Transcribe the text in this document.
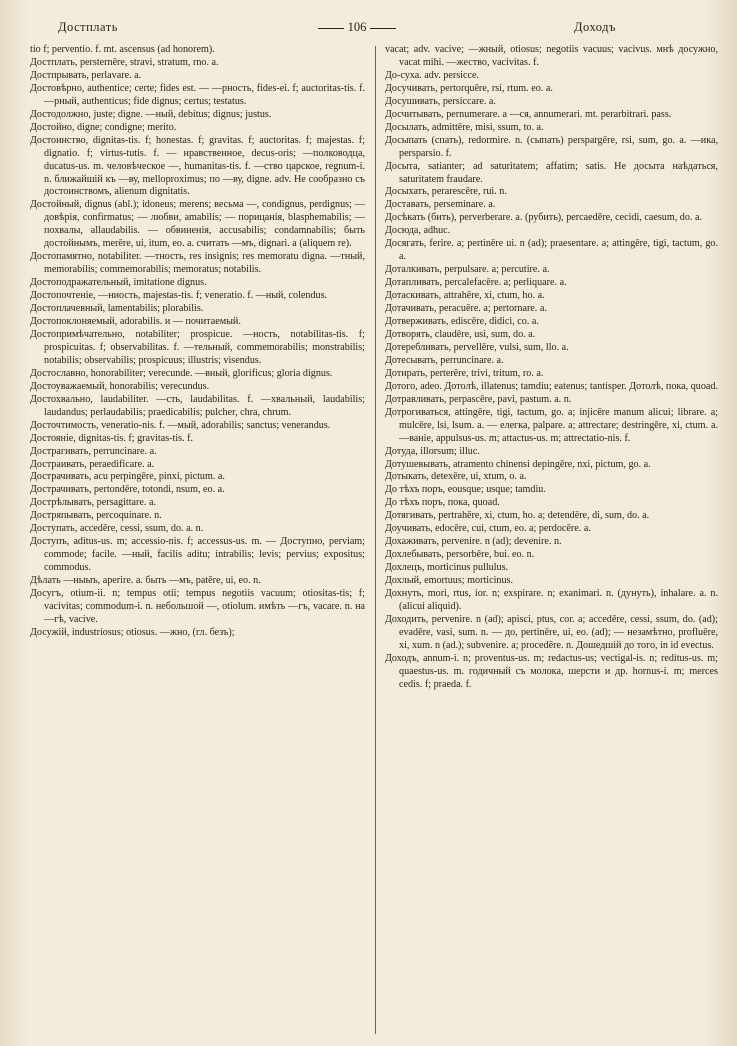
Достплать	106	Доходъ

tio f; perventio. f. mt. ascensus (ad honorem).

Достплать, persternēre, stravi, stratum, rno. a.

Достпрывать, perlavare. a.

Достовѣрно, authentice; certe; fides est. — —рность, fides-ei. f; auctoritas-tis. f. —рный, authenticus; fide dignus; certus; testatus.

Достодолжно, juste; digne. —ный, debitus; dignus; justus.

Достойно, digne; condigne; merito.

Достоинство, dignitas-tis. f; honestas. f; gravitas. f; auctoritas. f; majestas. f; dignatio. f; virtus-tutis. f. — нравственное, decus-oris; —полководца, ducatus-us. m. человѣческое —, humanitas-tis. f. —ство царское, regnum-i. n. ближайшій къ —ву, melloproximus; по —ву, digne. adv. Не сообразно съ достоинствомъ, alienum dignitatis.

Достойный, dignus (abl.); idoneus; merens; весьма —, condignus, perdignus; — довѣрія, confirmatus; — любви, amabilis; — порицанія, blasphemabilis; — похвалы, allaudabilis. — обвиненія, accusabilis; condamnabilis; быть достойнымъ, merēre, ui, itum, eo. a. считать —мъ, dignari. a (aliquem re).

Достопамятно, notabiliter. —тность, res insignis; res memoratu digna. —тный, memorabilis; commemorabilis; memoratus; notabilis.

Достоподражательный, imitatione dignus.

Достопочтеніе, —ниость, majestas-tis. f; veneratio. f. —ный, colendus.

Достоплачевный, lamentabilis; plorabilis.

Достопоклоняемый, adorabilis. и — почитаемый.

Достопримѣчательно, notabiliter; prospicue. —ность, notabilitas-tis. f; prospicuitas. f; observabilitas. f. —тельный, commemorabilis; monstrabilis; notabilis; observabilis; prospicuus; illustris; visendus.

Достославно, honorabiliter; verecunde. —вный, glorificus; gloria dignus.

Достоуважаемый, honorabilis; verecundus.

Достохвально, laudabiliter. —сть, laudabilitas. f. —хвальный, laudabilis; laudandus; perlaudabilis; praedicabilis; pulcher, chra, chrum.

Досточтимость, veneratio-nis. f. —мый, adorabilis; sanctus; venerandus.

Достояніе, dignitas-tis. f; gravitas-tis. f.

Дострагивать, perruncinare. a.

Достраивать, peraedificare. a.

Дострачивать, acu perpingēre, pinxi, pictum. a.

Дострачивать, pertondēre, totondi, nsum, eo. a.

Дострѣлывать, persagittare. a.

Достряпывать, percoquinare. n.

Доступать, accedēre, cessi, ssum, do. a. n.

Доступъ, aditus-us. m; accessio-nis. f; accessus-us. m. — Доступно, perviam; commode; facile. —ный, facilis aditu; intrabilis; levis; pervius; expositus; commodus.

Дѣлать —ныыъ, aperire. a. быть —мъ, patēre, ui, eo. n.

Досугъ, otium-ii. n; tempus otii; tempus negotiis vacuum; otiositas-tis; f; vacivitas; commodum-i. n. небольшой —, otiolum. имѣть —гъ, vacare. n. на —гѣ, vacive.

Досужій, industriosus; otiosus. —жно, (гл. безъ);

vacat; adv. vacive; —жный, otiosus; negotiis vacuus; vacivus. мнѣ досужно, vacat mihi. —жество, vacivitas. f.

До-суха. adv. persicce.

Досучивать, pertorquēre, rsi, rtum. eo. a.

Досушивать, persiccare. a.

Досчитывать, pernumerare. a —ся, annumerari. mt. perarbitrari. pass.

Досылать, admittēre, misi, ssum, to. a.

Досыпать (спать), redormire. n. (сыпать) perspargēre, rsi, sum, go. a. —ика, persparsio. f.

Досыта, satianter; ad saturitatem; affatim; satis. Не досыта наѣдаться, saturitatem fraudare.

Досыхать, perarescēre, rui. n.

Доставать, perseminare. a.

Досѣкать (бить), perverberare. a. (рубить), percaedēre, cecidi, caesum, do. a.

Досюда, adhuc.

Досягать, ferire. a; pertinēre ui. n (ad); praesentare. a; attingēre, tigi, tactum, go. a.

Доталкивать, perpulsare. a; percutire. a.

Дотапливать, percalefacēre. a; perliquare. a.

Дотаскивать, attrahēre, xi, ctum, ho. a.

Дотачивать, peracuēre. a; pertornare. a.

Дотверживать, ediscēre, didici, co. a.

Дотворять, claudēre, usi, sum, do. a.

Дотеребливать, pervellēre, vulsi, sum, llo. a.

Дотесывать, perruncinare. a.

Дотирать, perterēre, trivi, tritum, ro. a.

Дотого, adeo. Дотолѣ, illatenus; tamdiu; eatenus; tantisper. Дотолѣ, пока, quoad.

Дотравливать, perpascēre, pavi, pastum. a. n.

Дотрогиваться, attingēre, tigi, tactum, go. a; injicēre manum alicui; librare. a; mulcēre, lsi, lsum. a. — елегка, palpare. a; attrectare; destringēre, xi, ctum. a. —ваніе, appulsus-us. m; attactus-us. m; attrectatio-nis. f.

Дотуда, illorsum; illuc.

Дотушевывать, atramento chinensi depingēre, nxi, pictum, go. a.

Дотыкать, detexēre, ui, xtum, o. a.

До тѣхъ поръ, eousque; usque; tamdiu.

До тѣхъ поръ, пока, quoad.

Дотягивать, pertrahēre, xi, ctum, ho. a; detendēre, di, sum, do. a.

Доучивать, edocēre, cui, ctum, eo. a; perdocēre. a.

Дохаживать, pervenire. n (ad); devenire. n.

Дохлебывать, persorbēre, bui. eo. n.

Дохлецъ, morticinus pullulus.

Дохлый, emortuus; morticinus.

Дохнуть, mori, rtus, ior. n; exspirare. n; exanimari. n. (дунуть), inhalare. a. n. (alicui aliquid).

Доходить, pervenire. n (ad); apisci, ptus, cor. a; accedēre, cessi, ssum, do. (ad); evadēre, vasi, sum. n. — до, pertinēre, ui, eo. (ad); — незамѣтно, profluēre, xi, xum. n (ad.); subvenire. a; procedēre. n. Дошедшій до того, in id evectus.

Доходъ, annum-i. n; proventus-us. m; redactus-us; vectigal-is. n; reditus-us. m; quaestus-us. m. годичный съ молока, шерсти и др. hornus-i. m; merces cedis. f; praeda. f.
